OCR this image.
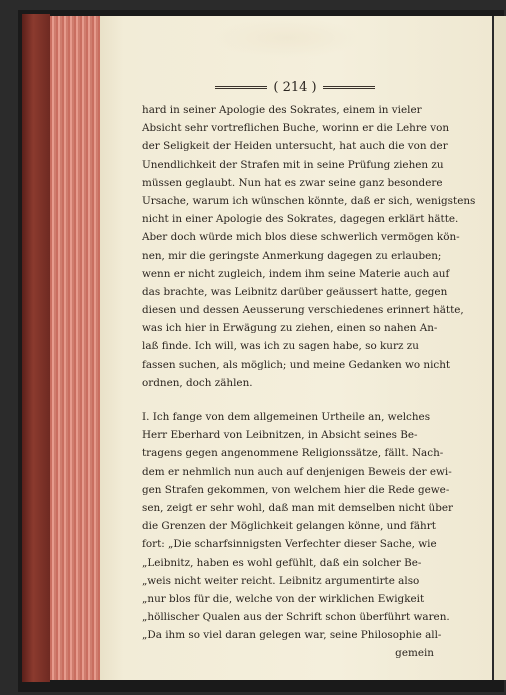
( 214 )
hard in seiner Apologie des Sokrates, einem in vieler
Absicht sehr vortreflichen Buche, worinn er die Lehre von
der Seligkeit der Heiden untersucht, hat auch die von der
Unendlichkeit der Strafen mit in seine Prüfung ziehen zu
müssen geglaubt. Nun hat es zwar seine ganz besondere
Ursache, warum ich wünschen könnte, daß er sich, wenigstens
nicht in einer Apologie des Sokrates, dagegen erklärt hätte.
Aber doch würde mich blos diese schwerlich vermögen kön-
nen, mir die geringste Anmerkung dagegen zu erlauben;
wenn er nicht zugleich, indem ihm seine Materie auch auf
das brachte, was Leibnitz darüber geäussert hatte, gegen
diesen und dessen Aeusserung verschiedenes erinnert hätte,
was ich hier in Erwägung zu ziehen, einen so nahen An-
laß finde. Ich will, was ich zu sagen habe, so kurz zu
fassen suchen, als möglich; und meine Gedanken wo nicht
ordnen, doch zählen.
I. Ich fange von dem allgemeinen Urtheile an, welches
Herr Eberhard von Leibnitzen, in Absicht seines Be-
tragens gegen angenommene Religionssätze, fällt. Nach-
dem er nehmlich nun auch auf denjenigen Beweis der ewi-
gen Strafen gekommen, von welchem hier die Rede gewe-
sen, zeigt er sehr wohl, daß man mit demselben nicht über
die Grenzen der Möglichkeit gelangen könne, und fährt
fort: „Die scharfsinnigsten Verfechter dieser Sache, wie
„Leibnitz, haben es wohl gefühlt, daß ein solcher Be-
„weis nicht weiter reicht. Leibnitz argumentirte also
„nur blos für die, welche von der wirklichen Ewigkeit
„höllischer Qualen aus der Schrift schon überführt waren.
„Da ihm so viel daran gelegen war, seine Philosophie all-
gemein
